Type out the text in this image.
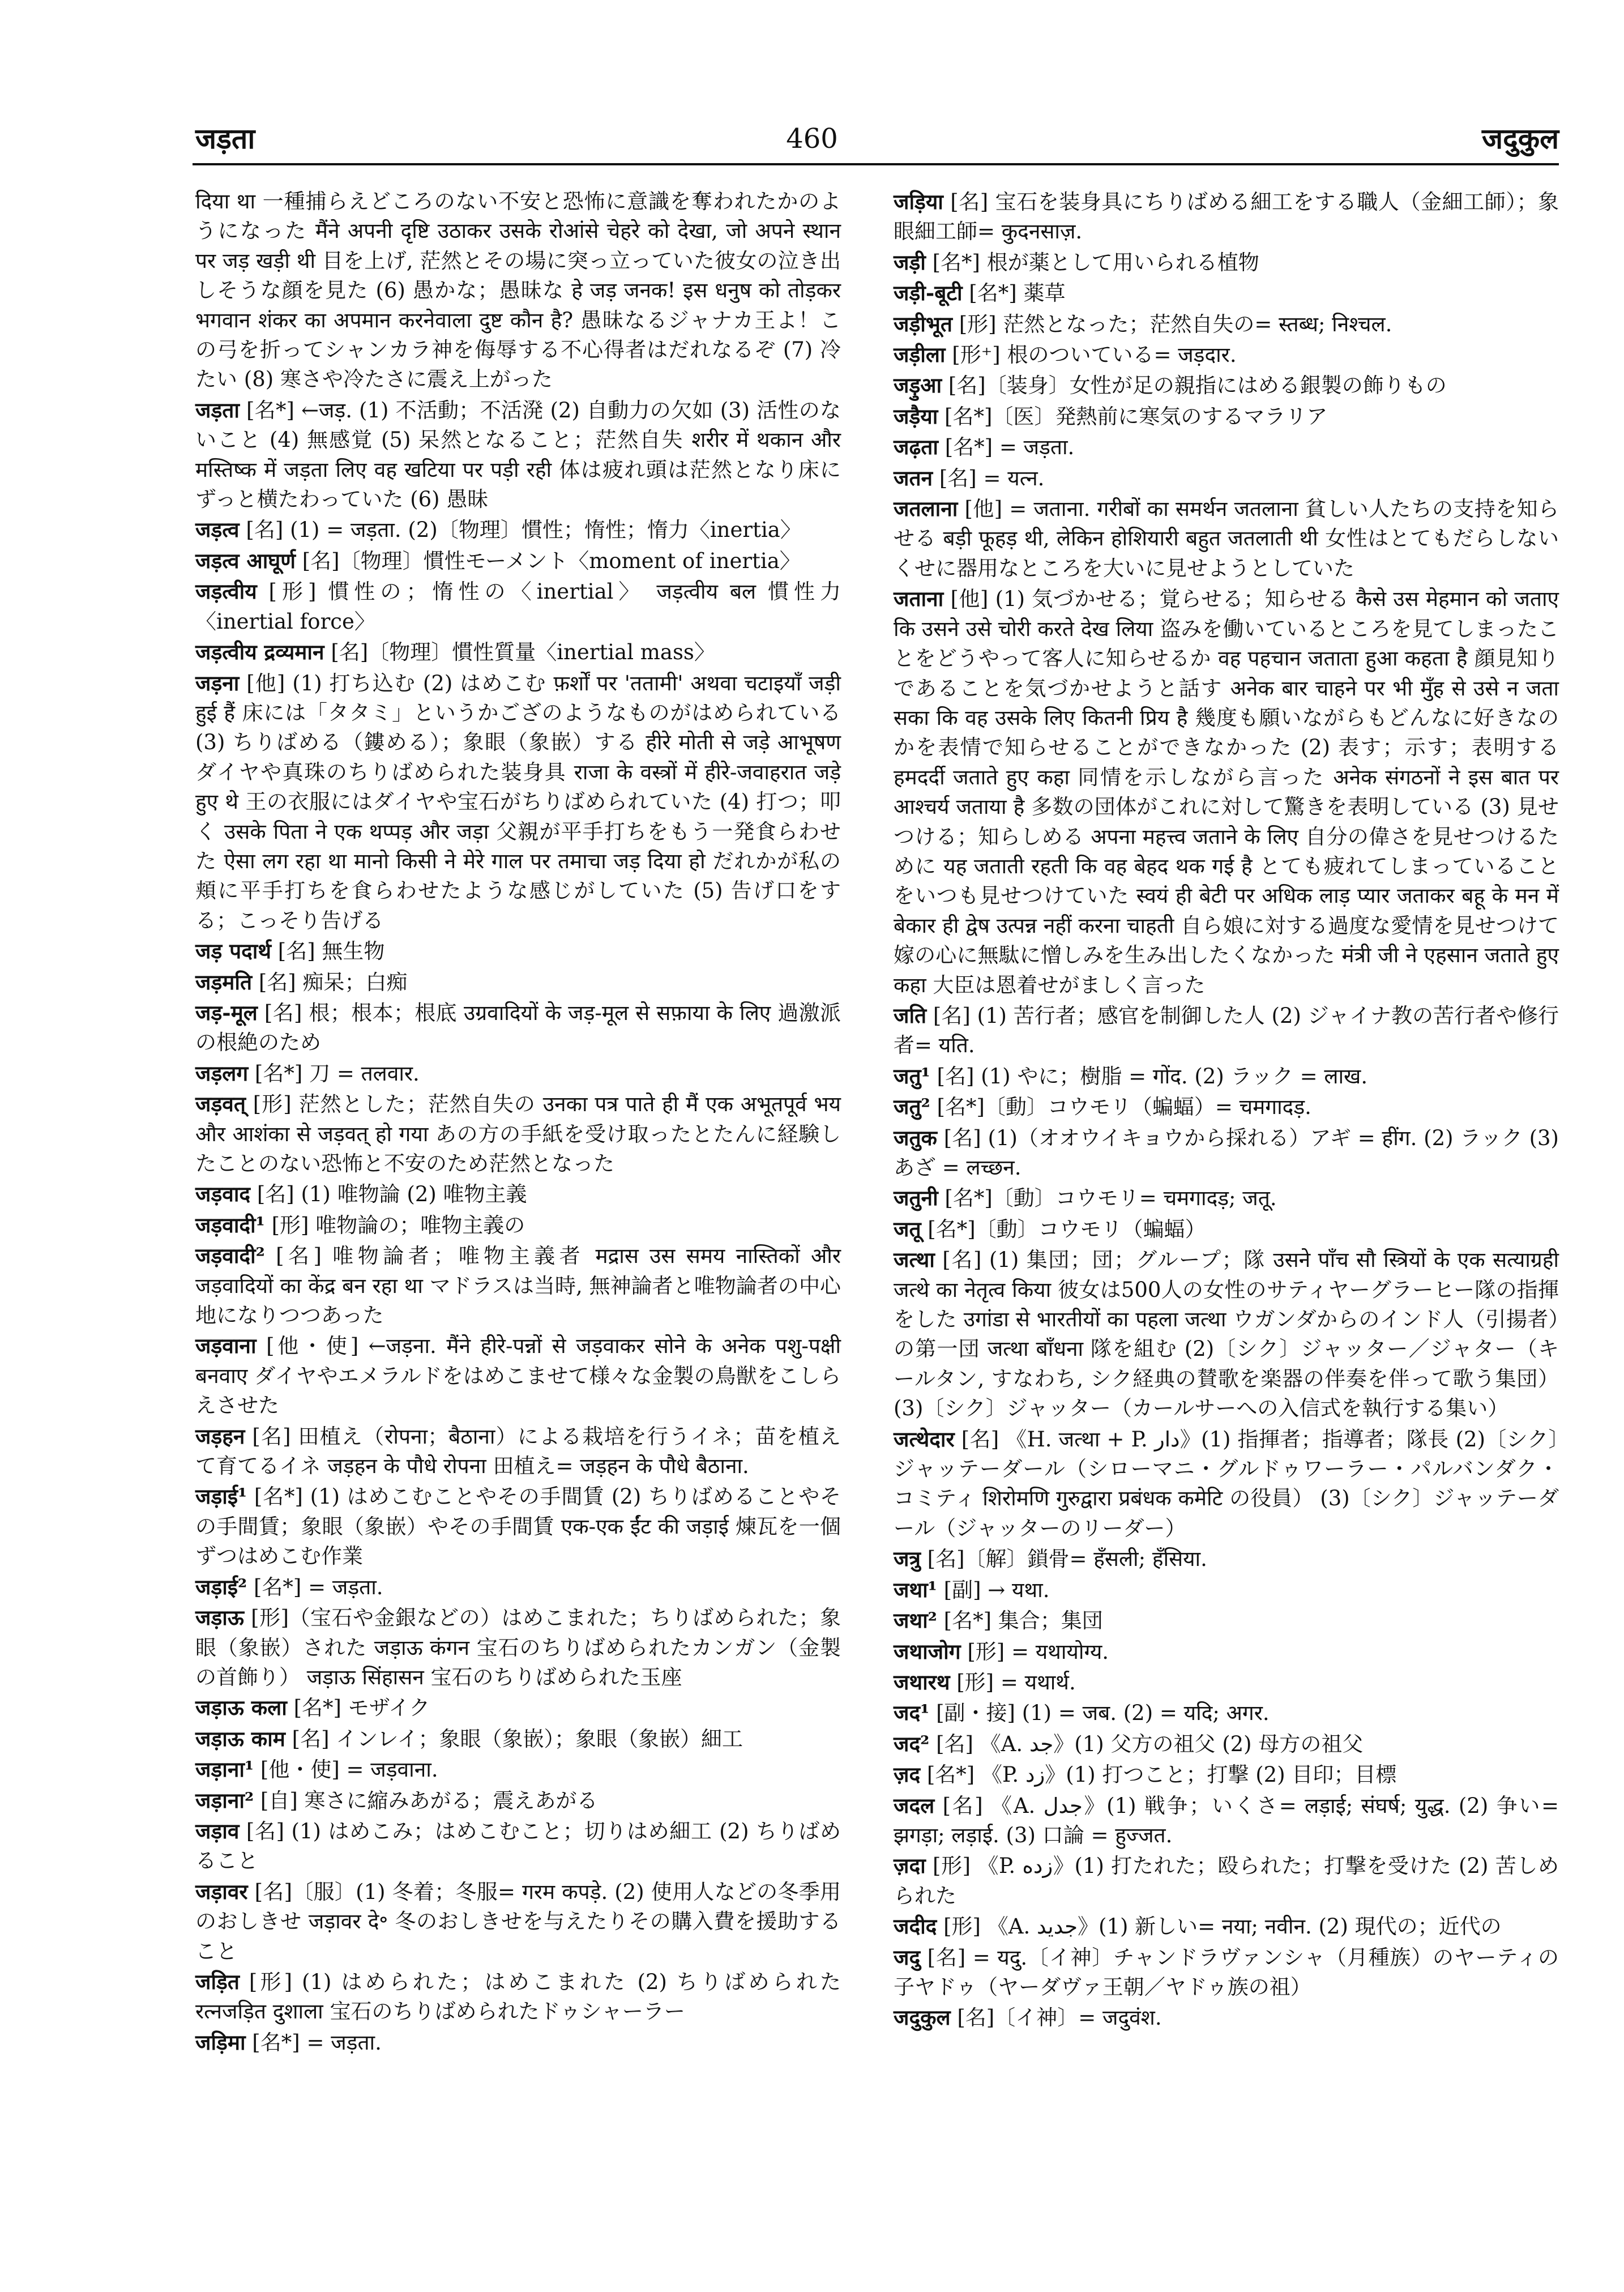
जड़ता	460	जदुकुल

दिया था 一種捕らえどころのない不安と恐怖に意識を奪われたかのようになった मैंने अपनी दृष्टि उठाकर उसके रोआंसे चेहरे को देखा, जो अपने स्थान पर जड़ खड़ी थी 目を上げ, 茫然とその場に突っ立っていた彼女の泣き出しそうな顔を見た (6) 愚かな；愚昧な हे जड़ जनक! इस धनुष को तोड़कर भगवान शंकर का अपमान करनेवाला दुष्ट कौन है? 愚昧なるジャナカ王よ！この弓を折ってシャンカラ神を侮辱する不心得者はだれなるぞ (7) 冷たい (8) 寒さや冷たさに震え上がった

जड़ता [名*] ←जड़. (1) 不活動；不活溌 (2) 自動力の欠如 (3) 活性のないこと (4) 無感覚 (5) 呆然となること；茫然自失 शरीर में थकान और मस्तिष्क में जड़ता लिए वह खटिया पर पड़ी रही 体は疲れ頭は茫然となり床にずっと横たわっていた (6) 愚昧

जड़त्व [名] (1) = जड़ता. (2)〔物理〕慣性；惰性；惰力〈inertia〉

जड़त्व आघूर्ण [名]〔物理〕慣性モーメント〈moment of inertia〉

जड़त्वीय [形] 慣性の；惰性の〈inertial〉 जड़त्वीय बल 慣性力〈inertial force〉

जड़त्वीय द्रव्यमान [名]〔物理〕慣性質量〈inertial mass〉

जड़ना [他] (1) 打ち込む (2) はめこむ फ़र्शों पर 'ततामी' अथवा चटाइयाँ जड़ी हुई हैं 床には「タタミ」というかござのようなものがはめられている (3) ちりばめる（鏤める）；象眼（象嵌）する हीरे मोती से जड़े आभूषण ダイヤや真珠のちりばめられた装身具 राजा के वस्त्रों में हीरे-जवाहरात जड़े हुए थे 王の衣服にはダイヤや宝石がちりばめられていた (4) 打つ；叩く उसके पिता ने एक थप्पड़ और जड़ा 父親が平手打ちをもう一発食らわせた ऐसा लग रहा था मानो किसी ने मेरे गाल पर तमाचा जड़ दिया हो だれかが私の頬に平手打ちを食らわせたような感じがしていた (5) 告げ口をする；こっそり告げる

जड़ पदार्थ [名] 無生物

जड़मति [名] 痴呆；白痴

जड़-मूल [名] 根；根本；根底 उग्रवादियों के जड़-मूल से सफ़ाया के लिए 過激派の根絶のため

जड़लग [名*] 刀 = तलवार.

जड़वत् [形] 茫然とした；茫然自失の उनका पत्र पाते ही मैं एक अभूतपूर्व भय और आशंका से जड़वत् हो गया あの方の手紙を受け取ったとたんに経験したことのない恐怖と不安のため茫然となった

जड़वाद [名] (1) 唯物論 (2) 唯物主義

जड़वादी¹ [形] 唯物論の；唯物主義の

जड़वादी² [名] 唯物論者；唯物主義者 मद्रास उस समय नास्तिकों और जड़वादियों का केंद्र बन रहा था マドラスは当時, 無神論者と唯物論者の中心地になりつつあった

जड़वाना [他・使] ←जड़ना. मैंने हीरे-पन्नों से जड़वाकर सोने के अनेक पशु-पक्षी बनवाए ダイヤやエメラルドをはめこませて様々な金製の鳥獣をこしらえさせた

जड़हन [名] 田植え（रोपना；बैठाना）による栽培を行うイネ；苗を植えて育てるイネ जड़हन के पौधे रोपना 田植え= जड़हन के पौधे बैठाना.

जड़ाई¹ [名*] (1) はめこむことやその手間賃 (2) ちりばめることやその手間賃；象眼（象嵌）やその手間賃 एक-एक ईंट की जड़ाई 煉瓦を一個ずつはめこむ作業

जड़ाई² [名*] = जड़ता.

जड़ाऊ [形]（宝石や金銀などの）はめこまれた；ちりばめられた；象眼（象嵌）された जड़ाऊ कंगन 宝石のちりばめられたカンガン（金製の首飾り） जड़ाऊ सिंहासन 宝石のちりばめられた玉座

जड़ाऊ कला [名*] モザイク

जड़ाऊ काम [名] インレイ；象眼（象嵌）；象眼（象嵌）細工

जड़ाना¹ [他・使] = जड़वाना.

जड़ाना² [自] 寒さに縮みあがる；震えあがる

जड़ाव [名] (1) はめこみ；はめこむこと；切りはめ細工 (2) ちりばめること

जड़ावर [名]〔服〕(1) 冬着；冬服= गरम कपड़े. (2) 使用人などの冬季用のおしきせ जड़ावर दे॰ 冬のおしきせを与えたりその購入費を援助すること

जड़ित [形] (1) はめられた；はめこまれた (2) ちりばめられた रत्नजड़ित दुशाला 宝石のちりばめられたドゥシャーラー

जड़िमा [名*] = जड़ता.

जड़िया [名] 宝石を装身具にちりばめる細工をする職人（金細工師）；象眼細工師= कुदनसाज़.

जड़ी [名*] 根が薬として用いられる植物

जड़ी-बूटी [名*] 薬草

जड़ीभूत [形] 茫然となった；茫然自失の= स्तब्ध; निश्चल.

जड़ीला [形⁺] 根のついている= जड़दार.

जड़ुआ [名]〔装身〕女性が足の親指にはめる銀製の飾りもの

जड़ैया [名*]〔医〕発熱前に寒気のするマラリア

जढ़ता [名*] = जड़ता.

जतन [名] = यत्न.

जतलाना [他] = जताना. गरीबों का समर्थन जतलाना 貧しい人たちの支持を知らせる बड़ी फूहड़ थी, लेकिन होशियारी बहुत जतलाती थी 女性はとてもだらしないくせに器用なところを大いに見せようとしていた

जताना [他] (1) 気づかせる；覚らせる；知らせる कैसे उस मेहमान को जताए कि उसने उसे चोरी करते देख लिया 盗みを働いているところを見てしまったことをどうやって客人に知らせるか वह पहचान जताता हुआ कहता है 顔見知りであることを気づかせようと話す अनेक बार चाहने पर भी मुँह से उसे न जता सका कि वह उसके लिए कितनी प्रिय है 幾度も願いながらもどんなに好きなのかを表情で知らせることができなかった (2) 表す；示す；表明する हमदर्दी जताते हुए कहा 同情を示しながら言った अनेक संगठनों ने इस बात पर आश्चर्य जताया है 多数の団体がこれに対して驚きを表明している (3) 見せつける；知らしめる अपना महत्त्व जताने के लिए 自分の偉さを見せつけるために यह जताती रहती कि वह बेहद थक गई है とても疲れてしまっていることをいつも見せつけていた स्वयं ही बेटी पर अधिक लाड़ प्यार जताकर बहू के मन में बेकार ही द्वेष उत्पन्न नहीं करना चाहती 自ら娘に対する過度な愛情を見せつけて嫁の心に無駄に憎しみを生み出したくなかった मंत्री जी ने एहसान जताते हुए कहा 大臣は恩着せがましく言った

जति [名] (1) 苦行者；感官を制御した人 (2) ジャイナ教の苦行者や修行者= यति.

जतु¹ [名] (1) やに；樹脂 = गोंद. (2) ラック = लाख.

जतु² [名*]〔動〕コウモリ（蝙蝠）= चमगादड़.

जतुक [名] (1)（オオウイキョウから採れる）アギ = हींग. (2) ラック (3) あざ = लच्छन.

जतुनी [名*]〔動〕コウモリ= चमगादड़; जतू.

जतू [名*]〔動〕コウモリ（蝙蝠）

जत्था [名] (1) 集団；団；グループ；隊 उसने पाँच सौ स्त्रियों के एक सत्याग्रही जत्थे का नेतृत्व किया 彼女は500人の女性のサティヤーグラーヒー隊の指揮をした उगांडा से भारतीयों का पहला जत्था ウガンダからのインド人（引揚者）の第一団 जत्था बाँधना 隊を組む (2)〔シク〕ジャッター／ジャター（キールタン, すなわち, シク経典の賛歌を楽器の伴奏を伴って歌う集団） (3)〔シク〕ジャッター（カールサーへの入信式を執行する集い）

जत्थेदार [名] 《H. जत्था + P. دار》(1) 指揮者；指導者；隊長 (2)〔シク〕ジャッテーダール（シローマニ・グルドゥワーラー・パルバンダク・コミティ शिरोमणि गुरुद्वारा प्रबंधक कमेटि の役員） (3)〔シク〕ジャッテーダール（ジャッターのリーダー）

जत्रु [名]〔解〕鎖骨= हँसली; हँसिया.

जथा¹ [副] → यथा.

जथा² [名*] 集合；集団

जथाजोग [形] = यथायोग्य.

जथारथ [形] = यथार्थ.

जद¹ [副・接] (1) = जब. (2) = यदि; अगर.

जद² [名] 《A. جد》(1) 父方の祖父 (2) 母方の祖父

ज़द [名*] 《P. زد》(1) 打つこと；打撃 (2) 目印；目標

जदल [名] 《A. جدل》(1) 戦争；いくさ= लड़ाई; संघर्ष; युद्ध. (2) 争い= झगड़ा; लड़ाई. (3) 口論 = हुज्जत.

ज़दा [形] 《P. زده》(1) 打たれた；殴られた；打撃を受けた (2) 苦しめられた

जदीद [形] 《A. جديد》(1) 新しい= नया; नवीन. (2) 現代の；近代の

जदु [名] = यदु.〔イ神〕チャンドラヴァンシャ（月種族）のヤーティの子ヤドゥ（ヤーダヴァ王朝／ヤドゥ族の祖）

जदुकुल [名]〔イ神〕= जदुवंश.
